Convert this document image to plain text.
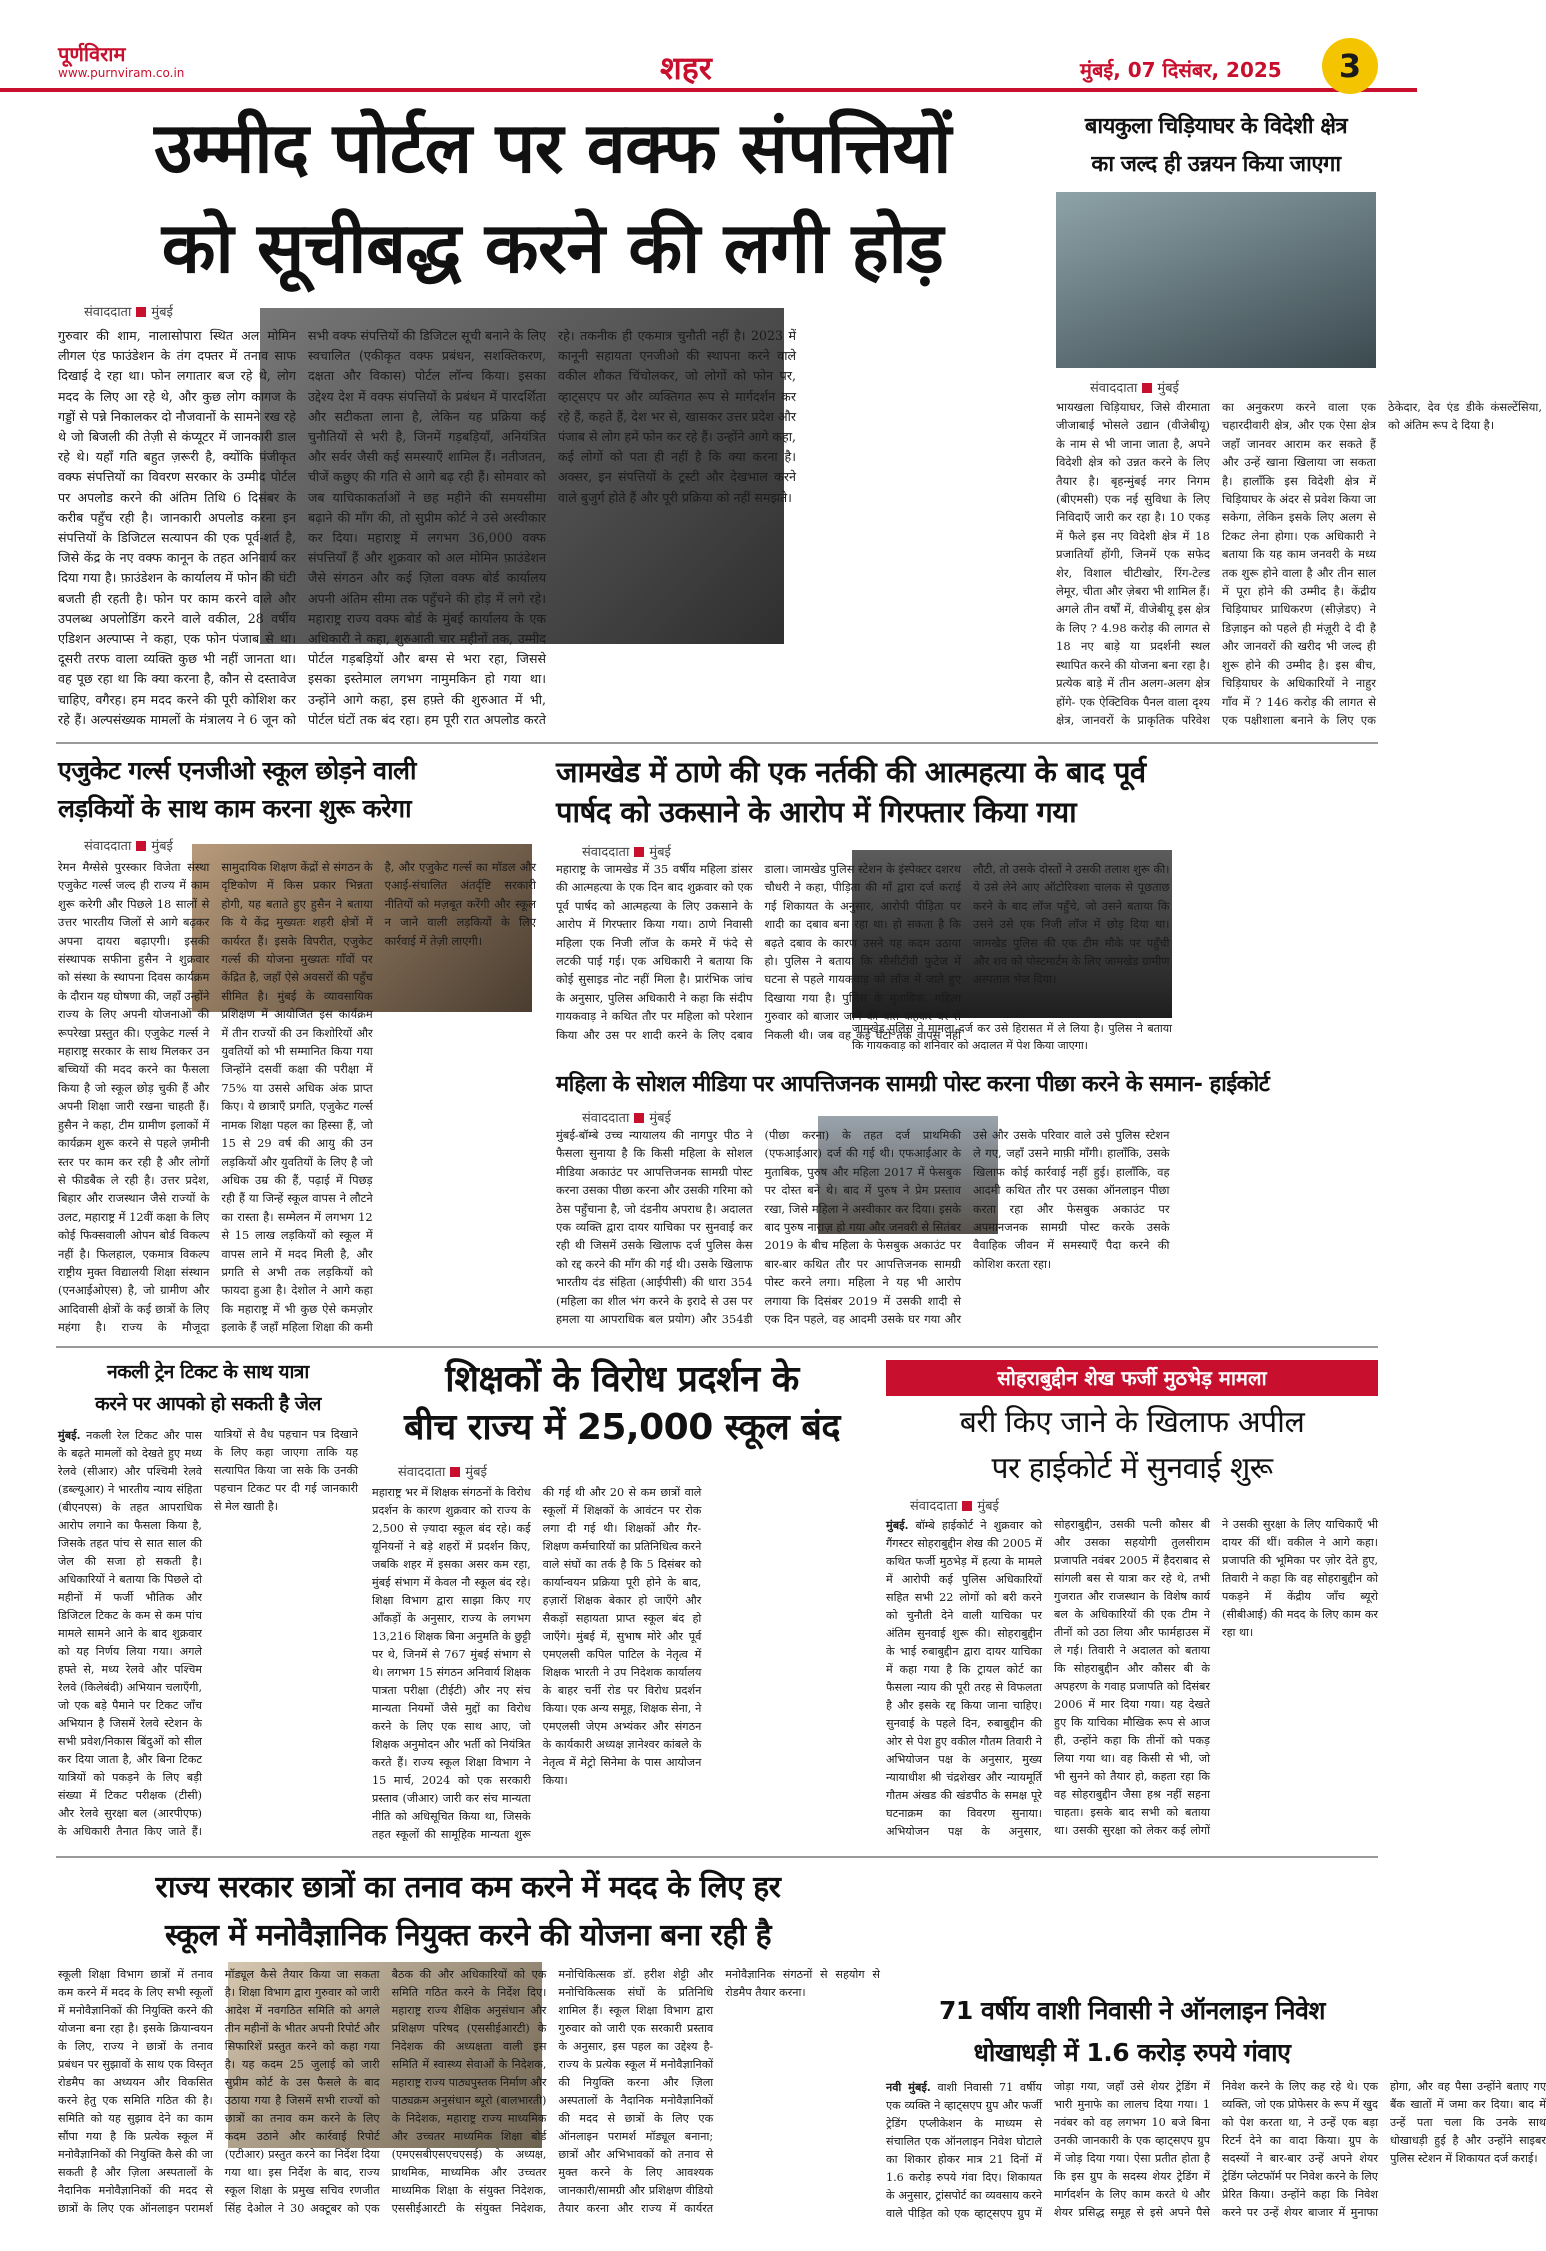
पूर्णविराम
www.purnviram.co.in	शहर	मुंबई, 07 दिसंबर, 2025	3
उम्मीद पोर्टल पर वक्फ संपत्तियों
को सूचीबद्ध करने की लगी होड़
संवाददाता मुंबई
गुरुवार की शाम, नालासोपारा स्थित अल मोमिन लीगल एंड फाउंडेशन के तंग दफ्तर में तनाव साफ दिखाई दे रहा था। फोन लगातार बज रहे थे, लोग मदद के लिए आ रहे थे, और कुछ लोग कागज के गड्डों से पन्ने निकालकर दो नौजवानों के सामने रख रहे थे जो बिजली की तेज़ी से कंप्यूटर में जानकारी डाल रहे थे। यहाँ गति बहुत ज़रूरी है, क्योंकि पंजीकृत वक्फ संपत्तियों का विवरण सरकार के उम्मीद पोर्टल पर अपलोड करने की अंतिम तिथि 6 दिसंबर के करीब पहुँच रही है। जानकारी अपलोड करना इन संपत्तियों के डिजिटल सत्यापन की एक पूर्व-शर्त है, जिसे केंद्र के नए वक्फ कानून के तहत अनिवार्य कर दिया गया है। फ़ाउंडेशन के कार्यालय में फोन की घंटी बजती ही रहती है। फोन पर काम करने वाले और उपलब्ध अपलोडिंग करने वाले वकील, 28 वर्षीय एडिशन अल्पाप्स ने कहा, एक फोन पंजाब से था। दूसरी तरफ वाला व्यक्ति कुछ भी नहीं जानता था। वह पूछ रहा था कि क्या करना है, कौन से दस्तावेज चाहिए, वगैरह। हम मदद करने की पूरी कोशिश कर रहे हैं। अल्पसंख्यक मामलों के मंत्रालय ने 6 जून को सभी वक्फ संपत्तियों की डिजिटल सूची बनाने के लिए स्वचालित (एकीकृत वक्फ प्रबंधन, सशक्तिकरण, दक्षता और विकास) पोर्टल लॉन्च किया। इसका उद्देश्य देश में वक्फ संपत्तियों के प्रबंधन में पारदर्शिता और सटीकता लाना है, लेकिन यह प्रक्रिया कई चुनौतियों से भरी है, जिनमें गड़बड़ियाँ, अनियंत्रित और सर्वर जैसी कई समस्याएँ शामिल हैं। नतीजतन, चीजें कछुए की गति से आगे बढ़ रही हैं। सोमवार को जब याचिकाकर्ताओं ने छह महीने की समयसीमा बढ़ाने की माँग की, तो सुप्रीम कोर्ट ने उसे अस्वीकार कर दिया। महाराष्ट्र में लगभग 36,000 वक्फ संपत्तियाँ हैं और शुक्रवार को अल मोमिन फ़ाउंडेशन जैसे संगठन और कई ज़िला वक्फ बोर्ड कार्यालय अपनी अंतिम सीमा तक पहुँचने की होड़ में लगे रहे। महाराष्ट्र राज्य वक्फ बोर्ड के मुंबई कार्यालय के एक अधिकारी ने कहा, शुरुआती चार महीनों तक, उम्मीद पोर्टल गड़बड़ियों और बग्स से भरा रहा, जिससे इसका इस्तेमाल लगभग नामुमकिन हो गया था। उन्होंने आगे कहा, इस हफ़्ते की शुरुआत में भी, पोर्टल घंटों तक बंद रहा। हम पूरी रात अपलोड करते रहे। तकनीक ही एकमात्र चुनौती नहीं है। 2023 में कानूनी सहायता एनजीओ की स्थापना करने वाले वकील शौकत चिंचोलकर, जो लोगों को फोन पर, व्हाट्सएप पर और व्यक्तिगत रूप से मार्गदर्शन कर रहे हैं, कहते हैं, देश भर से, खासकर उत्तर प्रदेश और पंजाब से लोग हमें फोन कर रहे हैं। उन्होंने आगे कहा, कई लोगों को पता ही नहीं है कि क्या करना है। अक्सर, इन संपत्तियों के ट्रस्टी और देखभाल करने वाले बुजुर्ग होते हैं और पूरी प्रक्रिया को नहीं समझते।
बायकुला चिड़ियाघर के विदेशी क्षेत्र
का जल्द ही उन्नयन किया जाएगा
संवाददाता मुंबई
भायखला चिड़ियाघर, जिसे वीरमाता जीजाबाई भोसले उद्यान (वीजेबीयू) के नाम से भी जाना जाता है, अपने विदेशी क्षेत्र को उन्नत करने के लिए तैयार है। बृहन्मुंबई नगर निगम (बीएमसी) एक नई सुविधा के लिए निविदाएँ जारी कर रहा है। 10 एकड़ में फैले इस नए विदेशी क्षेत्र में 18 प्रजातियाँ होंगी, जिनमें एक सफेद शेर, विशाल चीटीखोर, रिंग-टेल्ड लेमूर, चीता और ज़ेबरा भी शामिल हैं। अगले तीन वर्षों में, वीजेबीयू इस क्षेत्र के लिए ? 4.98 करोड़ की लागत से 18 नए बाड़े या प्रदर्शनी स्थल स्थापित करने की योजना बना रहा है। प्रत्येक बाड़े में तीन अलग-अलग क्षेत्र होंगे- एक ऐक्टिविक पैनल वाला दृश्य क्षेत्र, जानवरों के प्राकृतिक परिवेश का अनुकरण करने वाला एक चहारदीवारी क्षेत्र, और एक ऐसा क्षेत्र जहाँ जानवर आराम कर सकते हैं और उन्हें खाना खिलाया जा सकता है। हालाँकि इस विदेशी क्षेत्र में चिड़ियाघर के अंदर से प्रवेश किया जा सकेगा, लेकिन इसके लिए अलग से टिकट लेना होगा। एक अधिकारी ने बताया कि यह काम जनवरी के मध्य तक शुरू होने वाला है और तीन साल में पूरा होने की उम्मीद है। केंद्रीय चिड़ियाघर प्राधिकरण (सीज़ेडए) ने डिज़ाइन को पहले ही मंज़ूरी दे दी है और जानवरों की खरीद भी जल्द ही शुरू होने की उम्मीद है। इस बीच, चिड़ियाघर के अधिकारियों ने नाहुर गाँव में ? 146 करोड़ की लागत से एक पक्षीशाला बनाने के लिए एक ठेकेदार, देव एंड डीके कंसल्टेंसिया, को अंतिम रूप दे दिया है।
एजुकेट गर्ल्स एनजीओ स्कूल छोड़ने वाली
लड़कियों के साथ काम करना शुरू करेगा
संवाददाता मुंबई
रेमन मैग्सेसे पुरस्कार विजेता संस्था एजुकेट गर्ल्स जल्द ही राज्य में काम शुरू करेगी और पिछले 18 सालों से उत्तर भारतीय जिलों से आगे बढ़कर अपना दायरा बढ़ाएगी। इसकी संस्थापक सफीना हुसैन ने शुक्रवार को संस्था के स्थापना दिवस कार्यक्रम के दौरान यह घोषणा की, जहाँ उन्होंने राज्य के लिए अपनी योजनाओं की रूपरेखा प्रस्तुत की। एजुकेट गर्ल्स ने महाराष्ट्र सरकार के साथ मिलकर उन बच्चियों की मदद करने का फैसला किया है जो स्कूल छोड़ चुकी हैं और अपनी शिक्षा जारी रखना चाहती हैं। हुसैन ने कहा, टीम ग्रामीण इलाकों में कार्यक्रम शुरू करने से पहले ज़मीनी स्तर पर काम कर रही है और लोगों से फीडबैक ले रही है। उत्तर प्रदेश, बिहार और राजस्थान जैसे राज्यों के उलट, महाराष्ट्र में 12वीं कक्षा के लिए कोई फिक्सवाली ओपन बोर्ड विकल्प नहीं है। फिलहाल, एकमात्र विकल्प राष्ट्रीय मुक्त विद्यालयी शिक्षा संस्थान (एनआईओएस) है, जो ग्रामीण और आदिवासी क्षेत्रों के कई छात्रों के लिए महंगा है। राज्य के मौजूदा सामुदायिक शिक्षण केंद्रों से संगठन के दृष्टिकोण में किस प्रकार भिन्नता होगी, यह बताते हुए हुसैन ने बताया कि ये केंद्र मुख्यतः शहरी क्षेत्रों में कार्यरत हैं। इसके विपरीत, एजुकेट गर्ल्स की योजना मुख्यतः गाँवों पर केंद्रित है, जहाँ ऐसे अवसरों की पहुँच सीमित है। मुंबई के व्यावसायिक प्रशिक्षण में आयोजित इस कार्यक्रम में तीन राज्यों की उन किशोरियों और युवतियों को भी सम्मानित किया गया जिन्होंने दसवीं कक्षा की परीक्षा में 75% या उससे अधिक अंक प्राप्त किए। ये छात्राएँ प्रगति, एजुकेट गर्ल्स नामक शिक्षा पहल का हिस्सा हैं, जो 15 से 29 वर्ष की आयु की उन लड़कियों और युवतियों के लिए है जो अधिक उम्र की हैं, पढ़ाई में पिछड़ रही हैं या जिन्हें स्कूल वापस ने लौटने का रास्ता है। सम्मेलन में लगभग 12 से 15 लाख लड़कियों को स्कूल में वापस लाने में मदद मिली है, और प्रगति से अभी तक लड़कियों को फायदा हुआ है। देशोल ने आगे कहा कि महाराष्ट्र में भी कुछ ऐसे कमज़ोर इलाके हैं जहाँ महिला शिक्षा की कमी है, और एजुकेट गर्ल्स का मॉडल और एआई-संचालित अंतर्दृष्टि सरकारी नीतियों को मज़बूत करेंगी और स्कूल न जाने वाली लड़कियों के लिए कार्रवाई में तेज़ी लाएगी।
जामखेड में ठाणे की एक नर्तकी की आत्महत्या के बाद पूर्व
पार्षद को उकसाने के आरोप में गिरफ्तार किया गया
संवाददाता मुंबई
जामखेड पुलिस ने मामला दर्ज कर उसे हिरासत में ले लिया है। पुलिस ने बताया कि गायकवाड़ को शनिवार को अदालत में पेश किया जाएगा।
महाराष्ट्र के जामखेड में 35 वर्षीय महिला डांसर की आत्महत्या के एक दिन बाद शुक्रवार को एक पूर्व पार्षद को आत्महत्या के लिए उकसाने के आरोप में गिरफ्तार किया गया। ठाणे निवासी महिला एक निजी लॉज के कमरे में फंदे से लटकी पाई गई। एक अधिकारी ने बताया कि कोई सुसाइड नोट नहीं मिला है। प्रारंभिक जांच के अनुसार, पुलिस अधिकारी ने कहा कि संदीप गायकवाड़ ने कथित तौर पर महिला को परेशान किया और उस पर शादी करने के लिए दबाव डाला। जामखेड पुलिस स्टेशन के इंस्पेक्टर दशरथ चौधरी ने कहा, पीड़िता की माँ द्वारा दर्ज कराई गई शिकायत के अनुसार, आरोपी पीड़िता पर शादी का दबाव बना रहा था। हो सकता है कि बढ़ते दबाव के कारण उसने यह कदम उठाया हो। पुलिस ने बताया कि सीसीटीवी फुटेज में घटना से पहले गायकवाड़ को लॉज में जाते हुए दिखाया गया है। पुलिस के मुताबिक, महिला गुरुवार को बाजार जाने की बात कहकर घर से निकली थी। जब वह कई घंटों तक वापस नहीं लौटी, तो उसके दोस्तों ने उसकी तलाश शुरू की। ये उसे लेने आए ऑटोरिक्शा चालक से पूछताछ करने के बाद लॉज पहुँचे, जो उसने बताया कि उसने उसे एक निजी लॉज में छोड़ दिया था। जामखेड पुलिस की एक टीम मौके पर पहुँची और शव को पोस्टमार्टम के लिए जामखेड ग्रामीण अस्पताल भेज दिया।
महिला के सोशल मीडिया पर आपत्तिजनक सामग्री पोस्ट करना पीछा करने के समान- हाईकोर्ट
संवाददाता मुंबई
मुंबई-बॉम्बे उच्च न्यायालय की नागपुर पीठ ने फैसला सुनाया है कि किसी महिला के सोशल मीडिया अकाउंट पर आपत्तिजनक सामग्री पोस्ट करना उसका पीछा करना और उसकी गरिमा को ठेस पहुँचाना है, जो दंडनीय अपराध है। अदालत एक व्यक्ति द्वारा दायर याचिका पर सुनवाई कर रही थी जिसमें उसके खिलाफ दर्ज पुलिस केस को रद्द करने की माँग की गई थी। उसके खिलाफ भारतीय दंड संहिता (आईपीसी) की धारा 354 (महिला का शील भंग करने के इरादे से उस पर हमला या आपराधिक बल प्रयोग) और 354डी (पीछा करना) के तहत दर्ज प्राथमिकी (एफआईआर) दर्ज की गई थी। एफआईआर के मुताबिक, पुरुष और महिला 2017 में फेसबुक पर दोस्त बने थे। बाद में पुरुष ने प्रेम प्रस्ताव रखा, जिसे महिला ने अस्वीकार कर दिया। इसके बाद पुरुष नाराज़ हो गया और जनवरी से सितंबर 2019 के बीच महिला के फेसबुक अकाउंट पर बार-बार कथित तौर पर आपत्तिजनक सामग्री पोस्ट करने लगा। महिला ने यह भी आरोप लगाया कि दिसंबर 2019 में उसकी शादी से एक दिन पहले, वह आदमी उसके घर गया और उसे और उसके परिवार वाले उसे पुलिस स्टेशन ले गए, जहाँ उसने माफ़ी माँगी। हालाँकि, उसके खिलाफ कोई कार्रवाई नहीं हुई। हालाँकि, वह आदमी कथित तौर पर उसका ऑनलाइन पीछा करता रहा और फेसबुक अकाउंट पर अपमानजनक सामग्री पोस्ट करके उसके वैवाहिक जीवन में समस्याएँ पैदा करने की कोशिश करता रहा।
नकली ट्रेन टिकट के साथ यात्रा
करने पर आपको हो सकती है जेल
मुंबई. नकली रेल टिकट और पास के बढ़ते मामलों को देखते हुए मध्य रेलवे (सीआर) और पश्चिमी रेलवे (डब्ल्यूआर) ने भारतीय न्याय संहिता (बीएनएस) के तहत आपराधिक आरोप लगाने का फैसला किया है, जिसके तहत पांच से सात साल की जेल की सजा हो सकती है। अधिकारियों ने बताया कि पिछले दो महीनों में फर्जी भौतिक और डिजिटल टिकट के कम से कम पांच मामले सामने आने के बाद शुक्रवार को यह निर्णय लिया गया। अगले हफ्ते से, मध्य रेलवे और पश्चिम रेलवे (किलेबंदी) अभियान चलाएँगी, जो एक बड़े पैमाने पर टिकट जाँच अभियान है जिसमें रेलवे स्टेशन के सभी प्रवेश/निकास बिंदुओं को सील कर दिया जाता है, और बिना टिकट यात्रियों को पकड़ने के लिए बड़ी संख्या में टिकट परीक्षक (टीसी) और रेलवे सुरक्षा बल (आरपीएफ) के अधिकारी तैनात किए जाते हैं। यात्रियों से वैध पहचान पत्र दिखाने के लिए कहा जाएगा ताकि यह सत्यापित किया जा सके कि उनकी पहचान टिकट पर दी गई जानकारी से मेल खाती है।
शिक्षकों के विरोध प्रदर्शन के
बीच राज्य में 25,000 स्कूल बंद
संवाददाता मुंबई
महाराष्ट्र भर में शिक्षक संगठनों के विरोध प्रदर्शन के कारण शुक्रवार को राज्य के 2,500 से ज़्यादा स्कूल बंद रहे। कई यूनियनों ने बड़े शहरों में प्रदर्शन किए, जबकि शहर में इसका असर कम रहा, मुंबई संभाग में केवल नौ स्कूल बंद रहे। शिक्षा विभाग द्वारा साझा किए गए आँकड़ों के अनुसार, राज्य के लगभग 13,216 शिक्षक बिना अनुमति के छुट्टी पर थे, जिनमें से 767 मुंबई संभाग से थे। लगभग 15 संगठन अनिवार्य शिक्षक पात्रता परीक्षा (टीईटी) और नए संच मान्यता नियमों जैसे मुद्दों का विरोध करने के लिए एक साथ आए, जो शिक्षक अनुमोदन और भर्ती को नियंत्रित करते हैं। राज्य स्कूल शिक्षा विभाग ने 15 मार्च, 2024 को एक सरकारी प्रस्ताव (जीआर) जारी कर संच मान्यता नीति को अधिसूचित किया था, जिसके तहत स्कूलों की सामूहिक मान्यता शुरू की गई थी और 20 से कम छात्रों वाले स्कूलों में शिक्षकों के आवंटन पर रोक लगा दी गई थी। शिक्षकों और गैर-शिक्षण कर्मचारियों का प्रतिनिधित्व करने वाले संघों का तर्क है कि 5 दिसंबर को कार्यान्वयन प्रक्रिया पूरी होने के बाद, हज़ारों शिक्षक बेकार हो जाएँगे और सैकड़ों सहायता प्राप्त स्कूल बंद हो जाएँगे। मुंबई में, सुभाष मोरे और पूर्व एमएलसी कपिल पाटिल के नेतृत्व में शिक्षक भारती ने उप निदेशक कार्यालय के बाहर चर्नी रोड पर विरोध प्रदर्शन किया। एक अन्य समूह, शिक्षक सेना, ने एमएलसी जेएम अभ्यंकर और संगठन के कार्यकारी अध्यक्ष ज्ञानेश्वर कांबले के नेतृत्व में मेट्रो सिनेमा के पास आयोजन किया।
सोहराबुद्दीन शेख फर्जी मुठभेड़ मामला
बरी किए जाने के खिलाफ अपील
पर हाईकोर्ट में सुनवाई शुरू
संवाददाता मुंबई
मुंबई. बॉम्बे हाईकोर्ट ने शुक्रवार को गैंगस्टर सोहराबुद्दीन शेख की 2005 में कथित फर्जी मुठभेड़ में हत्या के मामले में आरोपी कई पुलिस अधिकारियों सहित सभी 22 लोगों को बरी करने को चुनौती देने वाली याचिका पर अंतिम सुनवाई शुरू की। सोहराबुद्दीन के भाई रुबाबुद्दीन द्वारा दायर याचिका में कहा गया है कि ट्रायल कोर्ट का फैसला न्याय की पूरी तरह से विफलता है और इसके रद्द किया जाना चाहिए। सुनवाई के पहले दिन, रुबाबुद्दीन की ओर से पेश हुए वकील गौतम तिवारी ने अभियोजन पक्ष के अनुसार, मुख्य न्यायाधीश श्री चंद्रशेखर और न्यायमूर्ति गौतम अंखड की खंडपीठ के समक्ष पूरे घटनाक्रम का विवरण सुनाया। अभियोजन पक्ष के अनुसार, सोहराबुद्दीन, उसकी पत्नी कौसर बी और उसका सहयोगी तुलसीराम प्रजापति नवंबर 2005 में हैदराबाद से सांगली बस से यात्रा कर रहे थे, तभी गुजरात और राजस्थान के विशेष कार्य बल के अधिकारियों की एक टीम ने तीनों को उठा लिया और फार्महाउस में ले गई। तिवारी ने अदालत को बताया कि सोहराबुद्दीन और कौसर बी के अपहरण के गवाह प्रजापति को दिसंबर 2006 में मार दिया गया। यह देखते हुए कि याचिका मौखिक रूप से आज ही, उन्होंने कहा कि तीनों को पकड़ लिया गया था। वह किसी से भी, जो भी सुनने को तैयार हो, कहता रहा कि वह सोहराबुद्दीन जैसा हश्र नहीं सहना चाहता। इसके बाद सभी को बताया था। उसकी सुरक्षा को लेकर कई लोगों ने उसकी सुरक्षा के लिए याचिकाएँ भी दायर कीं थीं। वकील ने आगे कहा। प्रजापति की भूमिका पर ज़ोर देते हुए, तिवारी ने कहा कि वह सोहराबुद्दीन को पकड़ने में केंद्रीय जाँच ब्यूरो (सीबीआई) की मदद के लिए काम कर रहा था।
राज्य सरकार छात्रों का तनाव कम करने में मदद के लिए हर
स्कूल में मनोवैज्ञानिक नियुक्त करने की योजना बना रही है
स्कूली शिक्षा विभाग छात्रों में तनाव कम करने में मदद के लिए सभी स्कूलों में मनोवैज्ञानिकों की नियुक्ति करने की योजना बना रहा है। इसके क्रियान्वयन के लिए, राज्य ने छात्रों के तनाव प्रबंधन पर सुझावों के साथ एक विस्तृत रोडमैप का अध्ययन और विकसित करने हेतु एक समिति गठित की है। समिति को यह सुझाव देने का काम सौंपा गया है कि प्रत्येक स्कूल में मनोवैज्ञानिकों की नियुक्ति कैसे की जा सकती है और ज़िला अस्पतालों के नैदानिक मनोवैज्ञानिकों की मदद से छात्रों के लिए एक ऑनलाइन परामर्श मॉड्यूल कैसे तैयार किया जा सकता है। शिक्षा विभाग द्वारा गुरुवार को जारी आदेश में नवगठित समिति को अगले तीन महीनों के भीतर अपनी रिपोर्ट और सिफारिशें प्रस्तुत करने को कहा गया है। यह कदम 25 जुलाई को जारी सुप्रीम कोर्ट के उस फैसले के बाद उठाया गया है जिसमें सभी राज्यों को छात्रों का तनाव कम करने के लिए कदम उठाने और कार्रवाई रिपोर्ट (एटीआर) प्रस्तुत करने का निर्देश दिया गया था। इस निर्देश के बाद, राज्य स्कूल शिक्षा के प्रमुख सचिव रणजीत सिंह देओल ने 30 अक्टूबर को एक बैठक की और अधिकारियों को एक समिति गठित करने के निर्देश दिए। महाराष्ट्र राज्य शैक्षिक अनुसंधान और प्रशिक्षण परिषद (एससीईआरटी) के निदेशक की अध्यक्षता वाली इस समिति में स्वास्थ्य सेवाओं के निदेशक, महाराष्ट्र राज्य पाठ्यपुस्तक निर्माण और पाठ्यक्रम अनुसंधान ब्यूरो (बालभारती) के निदेशक, महाराष्ट्र राज्य माध्यमिक और उच्चतर माध्यमिक शिक्षा बोर्ड (एमएसबीएसएचएसई) के अध्यक्ष, प्राथमिक, माध्यमिक और उच्चतर माध्यमिक शिक्षा के संयुक्त निदेशक, एससीईआरटी के संयुक्त निदेशक, मनोचिकित्सक डॉ. हरीश शेट्टी और मनोचिकित्सक संघों के प्रतिनिधि शामिल हैं। स्कूल शिक्षा विभाग द्वारा गुरुवार को जारी एक सरकारी प्रस्ताव के अनुसार, इस पहल का उद्देश्य है- राज्य के प्रत्येक स्कूल में मनोवैज्ञानिकों की नियुक्ति करना और ज़िला अस्पतालों के नैदानिक मनोवैज्ञानिकों की मदद से छात्रों के लिए एक ऑनलाइन परामर्श मॉड्यूल बनाना; छात्रों और अभिभावकों को तनाव से मुक्त करने के लिए आवश्यक जानकारी/सामग्री और प्रशिक्षण वीडियो तैयार करना और राज्य में कार्यरत मनोवैज्ञानिक संगठनों से सहयोग से रोडमैप तैयार करना।
71 वर्षीय वाशी निवासी ने ऑनलाइन निवेश
धोखाधड़ी में 1.6 करोड़ रुपये गंवाए
नवी मुंबई. वाशी निवासी 71 वर्षीय एक व्यक्ति ने व्हाट्सएप ग्रुप और फर्जी ट्रेडिंग एप्लीकेशन के माध्यम से संचालित एक ऑनलाइन निवेश घोटाले का शिकार होकर मात्र 21 दिनों में 1.6 करोड़ रुपये गंवा दिए। शिकायत के अनुसार, ट्रांसपोर्ट का व्यवसाय करने वाले पीड़ित को एक व्हाट्सएप ग्रुप में जोड़ा गया, जहाँ उसे शेयर ट्रेडिंग में भारी मुनाफे का लालच दिया गया। 1 नवंबर को वह लगभग 10 बजे बिना उनकी जानकारी के एक व्हाट्सएप ग्रुप में जोड़ दिया गया। ऐसा प्रतीत होता है कि इस ग्रुप के सदस्य शेयर ट्रेडिंग में मार्गदर्शन के लिए काम करते थे और शेयर प्रसिद्ध समूह से इसे अपने पैसे निवेश करने के लिए कह रहे थे। एक व्यक्ति, जो एक प्रोफेसर के रूप में खुद को पेश करता था, ने उन्हें एक बड़ा रिटर्न देने का वादा किया। ग्रुप के सदस्यों ने बार-बार उन्हें अपने शेयर ट्रेडिंग प्लेटफॉर्म पर निवेश करने के लिए प्रेरित किया। उन्होंने कहा कि निवेश करने पर उन्हें शेयर बाजार में मुनाफा होगा, और वह पैसा उन्होंने बताए गए बैंक खातों में जमा कर दिया। बाद में उन्हें पता चला कि उनके साथ धोखाधड़ी हुई है और उन्होंने साइबर पुलिस स्टेशन में शिकायत दर्ज कराई।
